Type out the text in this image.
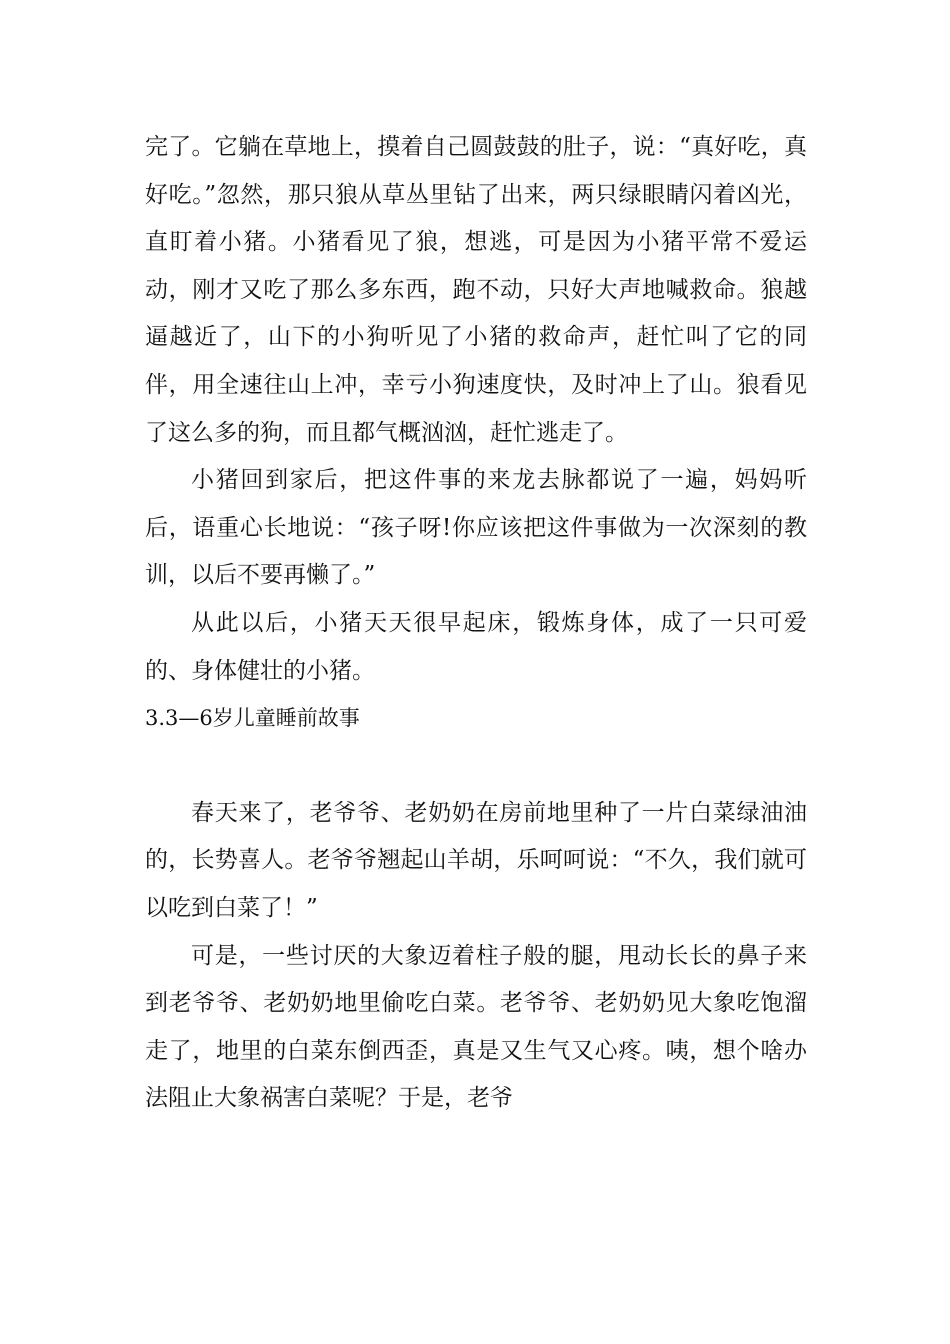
完了。它躺在草地上，摸着自己圆鼓鼓的肚子，说：“真好吃，真好吃。”忽然，那只狼从草丛里钻了出来，两只绿眼睛闪着凶光，直盯着小猪。小猪看见了狼，想逃，可是因为小猪平常不爱运动，刚才又吃了那么多东西，跑不动，只好大声地喊救命。狼越逼越近了，山下的小狗听见了小猪的救命声，赶忙叫了它的同伴，用全速往山上冲，幸亏小狗速度快，及时冲上了山。狼看见了这么多的狗，而且都气概汹汹，赶忙逃走了。

小猪回到家后，把这件事的来龙去脉都说了一遍，妈妈听后，语重心长地说：“孩子呀!你应该把这件事做为一次深刻的教训，以后不要再懒了。”

从此以后，小猪天天很早起床，锻炼身体，成了一只可爱的、身体健壮的小猪。

3.3—6岁儿童睡前故事

春天来了，老爷爷、老奶奶在房前地里种了一片白菜绿油油的，长势喜人。老爷爷翘起山羊胡，乐呵呵说：“不久，我们就可以吃到白菜了！”

可是，一些讨厌的大象迈着柱子般的腿，甩动长长的鼻子来到老爷爷、老奶奶地里偷吃白菜。老爷爷、老奶奶见大象吃饱溜走了，地里的白菜东倒西歪，真是又生气又心疼。咦，想个啥办法阻止大象祸害白菜呢？于是，老爷
